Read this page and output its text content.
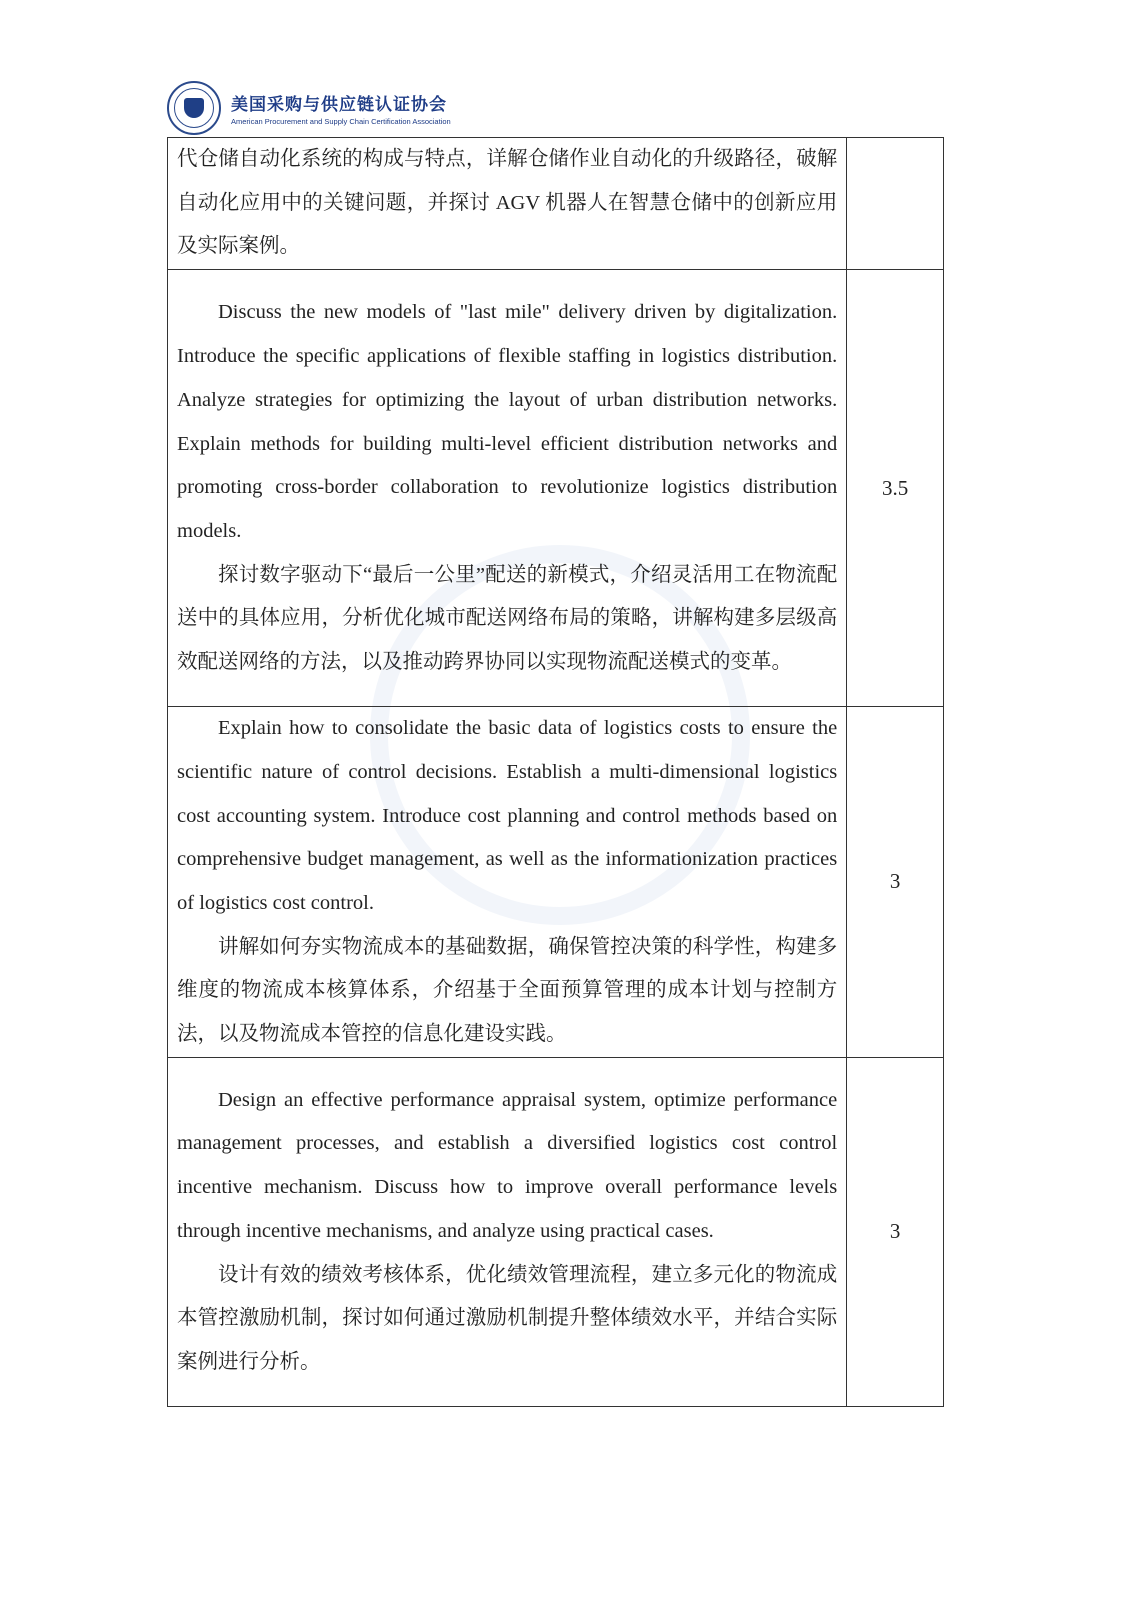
美国采购与供应链认证协会
American Procurement and Supply Chain Certification Association

代仓储自动化系统的构成与特点，详解仓储作业自动化的升级路径，破解自动化应用中的关键问题，并探讨 AGV 机器人在智慧仓储中的创新应用及实际案例。	

Discuss the new models of "last mile" delivery driven by digitalization. Introduce the specific applications of flexible staffing in logistics distribution. Analyze strategies for optimizing the layout of urban distribution networks. Explain methods for building multi-level efficient distribution networks and promoting cross-border collaboration to revolutionize logistics distribution models.

探讨数字驱动下“最后一公里”配送的新模式，介绍灵活用工在物流配送中的具体应用，分析优化城市配送网络布局的策略，讲解构建多层级高效配送网络的方法，以及推动跨界协同以实现物流配送模式的变革。	3.5

Explain how to consolidate the basic data of logistics costs to ensure the scientific nature of control decisions. Establish a multi-dimensional logistics cost accounting system. Introduce cost planning and control methods based on comprehensive budget management, as well as the informationization practices of logistics cost control.

讲解如何夯实物流成本的基础数据，确保管控决策的科学性，构建多维度的物流成本核算体系，介绍基于全面预算管理的成本计划与控制方法，以及物流成本管控的信息化建设实践。	3

Design an effective performance appraisal system, optimize performance management processes, and establish a diversified logistics cost control incentive mechanism. Discuss how to improve overall performance levels through incentive mechanisms, and analyze using practical cases.

设计有效的绩效考核体系，优化绩效管理流程，建立多元化的物流成本管控激励机制，探讨如何通过激励机制提升整体绩效水平，并结合实际案例进行分析。	3
